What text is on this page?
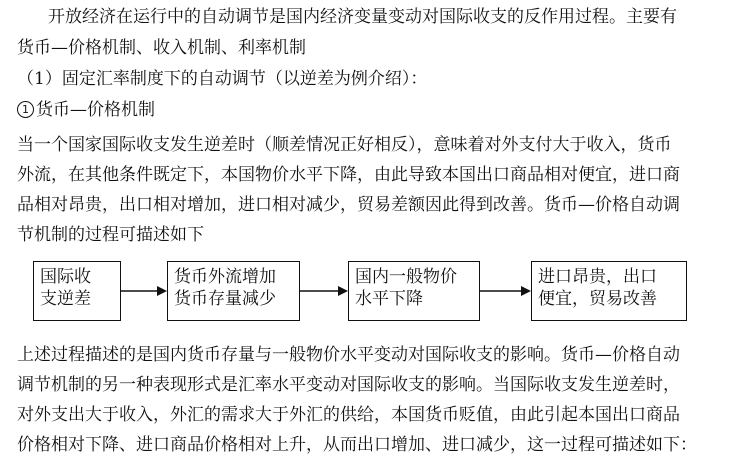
开放经济在运行中的自动调节是国内经济变量变动对国际收支的反作用过程。主要有
货币—价格机制、收入机制、利率机制
（1）固定汇率制度下的自动调节（以逆差为例介绍）：
1 货币—价格机制
当一个国家国际收支发生逆差时（顺差情况正好相反），意味着对外支付大于收入，货币
外流，在其他条件既定下，本国物价水平下降，由此导致本国出口商品相对便宜，进口商
品相对昂贵，出口相对增加，进口相对减少，贸易差额因此得到改善。货币—价格自动调
节机制的过程可描述如下
国际收
支逆差
货币外流增加
货币存量减少
国内一般物价
水平下降
进口昂贵，出口
便宜，贸易改善
上述过程描述的是国内货币存量与一般物价水平变动对国际收支的影响。货币—价格自动
调节机制的另一种表现形式是汇率水平变动对国际收支的影响。当国际收支发生逆差时，
对外支出大于收入，外汇的需求大于外汇的供给，本国货币贬值，由此引起本国出口商品
价格相对下降、进口商品价格相对上升，从而出口增加、进口减少，这一过程可描述如下：
